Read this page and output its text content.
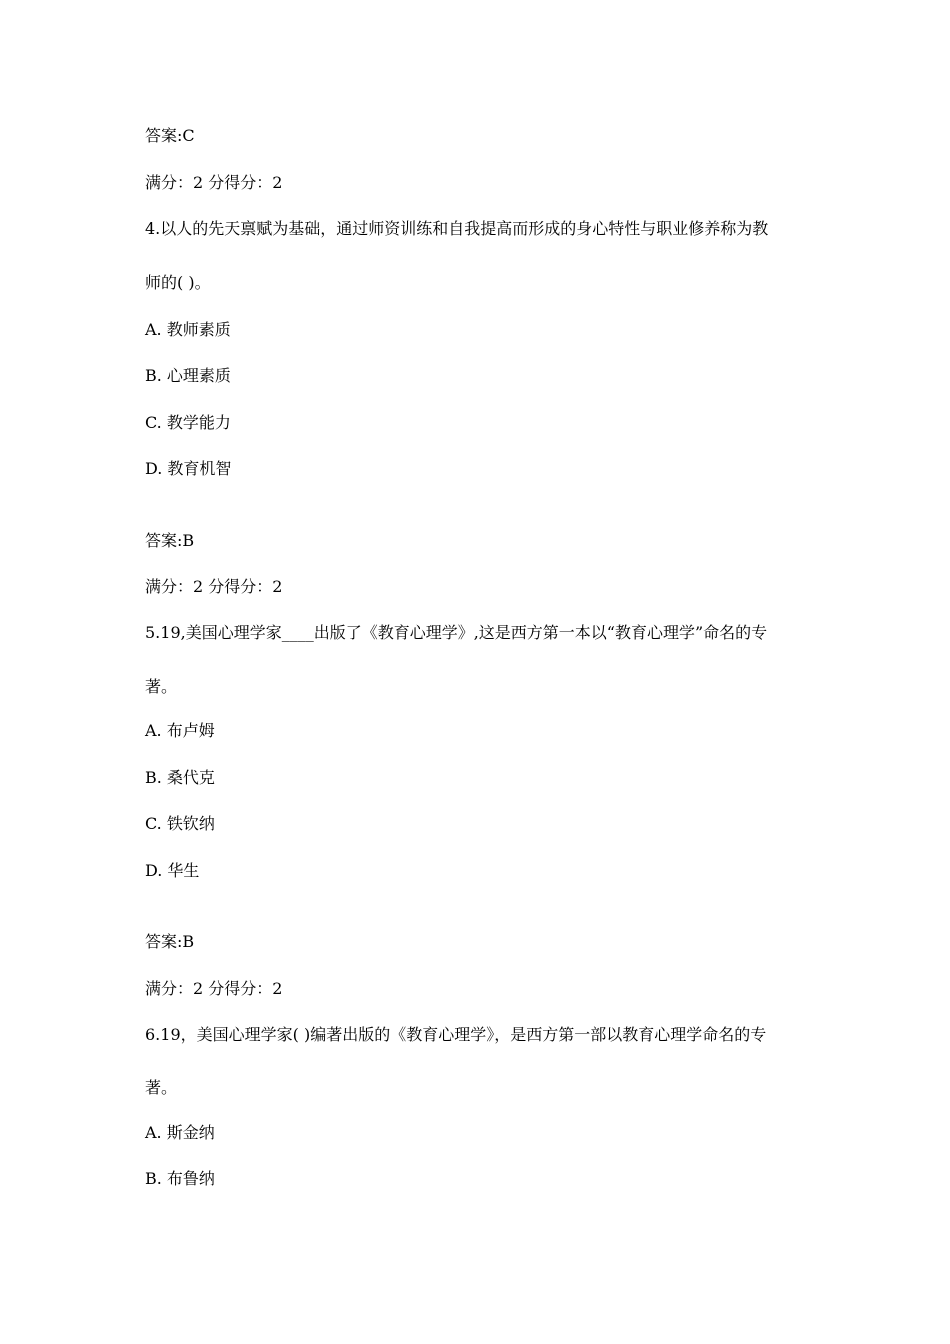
答案:C
满分：2 分得分：2
4.以人的先天禀赋为基础，通过师资训练和自我提高而形成的身心特性与职业修养称为教
师的( )。
A. 教师素质
B. 心理素质
C. 教学能力
D. 教育机智
答案:B
满分：2 分得分：2
5.19,美国心理学家____出版了《教育心理学》,这是西方第一本以“教育心理学”命名的专
著。
A. 布卢姆
B. 桑代克
C. 铁钦纳
D. 华生
答案:B
满分：2 分得分：2
6.19，美国心理学家( )编著出版的《教育心理学》，是西方第一部以教育心理学命名的专
著。
A. 斯金纳
B. 布鲁纳
